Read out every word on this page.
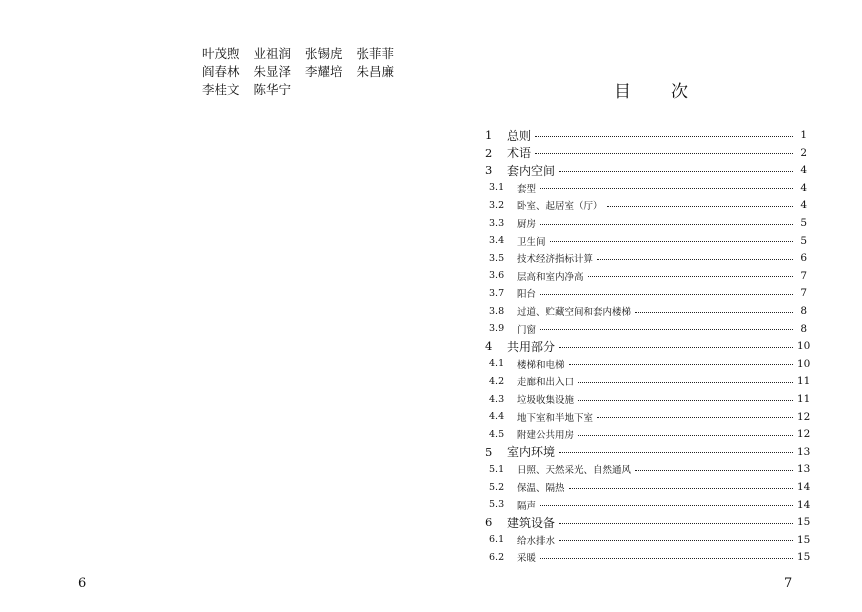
叶茂煦 业祖润 张锡虎 张菲菲
阎春林 朱显泽 李耀培 朱昌廉
李桂文 陈华宁
6
目 次
1	总则	1
2	术语	2
3	套内空间	4
3.1	套型	4
3.2	卧室、起居室（厅）	4
3.3	厨房	5
3.4	卫生间	5
3.5	技术经济指标计算	6
3.6	层高和室内净高	7
3.7	阳台	7
3.8	过道、贮藏空间和套内楼梯	8
3.9	门窗	8
4	共用部分	10
4.1	楼梯和电梯	10
4.2	走廊和出入口	11
4.3	垃圾收集设施	11
4.4	地下室和半地下室	12
4.5	附建公共用房	12
5	室内环境	13
5.1	日照、天然采光、自然通风	13
5.2	保温、隔热	14
5.3	隔声	14
6	建筑设备	15
6.1	给水排水	15
6.2	采暖	15
7
